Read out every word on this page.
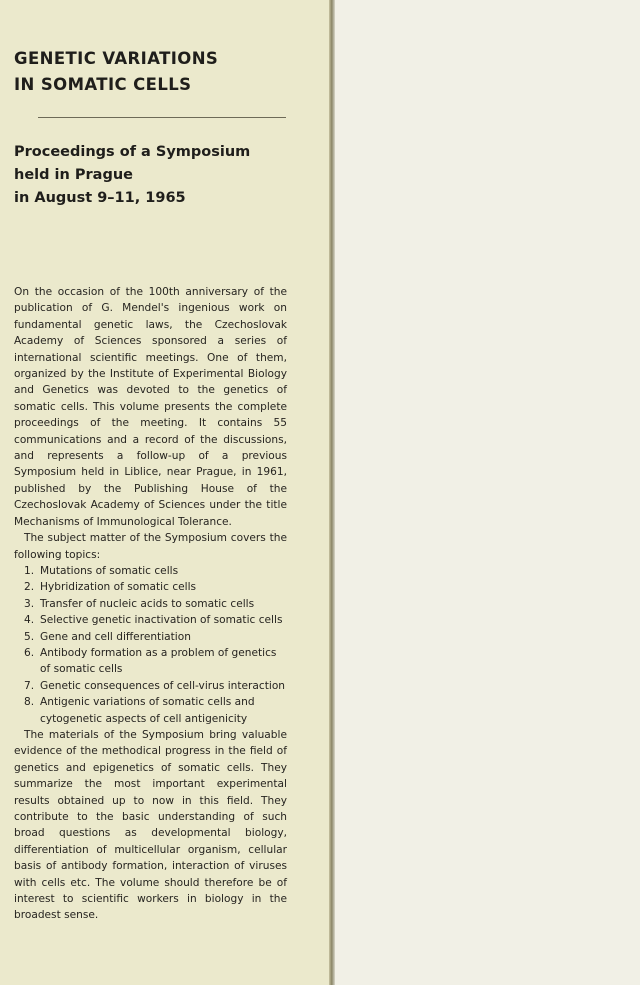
GENETIC VARIATIONS
IN SOMATIC CELLS
Proceedings of a Symposium
held in Prague
in August 9–11, 1965

On the occasion of the 100th anniversary of the publication of G. Mendel's ingenious work on fundamental genetic laws, the Czechoslovak Academy of Sciences sponsored a series of international scientific meetings. One of them, organized by the Institute of Experimental Biology and Genetics was devoted to the genetics of somatic cells. This volume presents the complete proceedings of the meeting. It contains 55 communications and a record of the discussions, and represents a follow-up of a previous Symposium held in Liblice, near Prague, in 1961, published by the Publishing House of the Czechoslovak Academy of Sciences under the title Mechanisms of Immunological Tolerance.

The subject matter of the Symposium covers the following topics:

1. Mutations of somatic cells
2. Hybridization of somatic cells
3. Transfer of nucleic acids to somatic cells
4. Selective genetic inactivation of somatic cells
5. Gene and cell differentiation
6. Antibody formation as a problem of genetics of somatic cells
7. Genetic consequences of cell-virus interaction
8. Antigenic variations of somatic cells and cytogenetic aspects of cell antigenicity

The materials of the Symposium bring valuable evidence of the methodical progress in the field of genetics and epigenetics of somatic cells. They summarize the most important experimental results obtained up to now in this field. They contribute to the basic understanding of such broad questions as developmental biology, differentiation of multicellular organism, cellular basis of antibody formation, interaction of viruses with cells etc. The volume should therefore be of interest to scientific workers in biology in the broadest sense.
